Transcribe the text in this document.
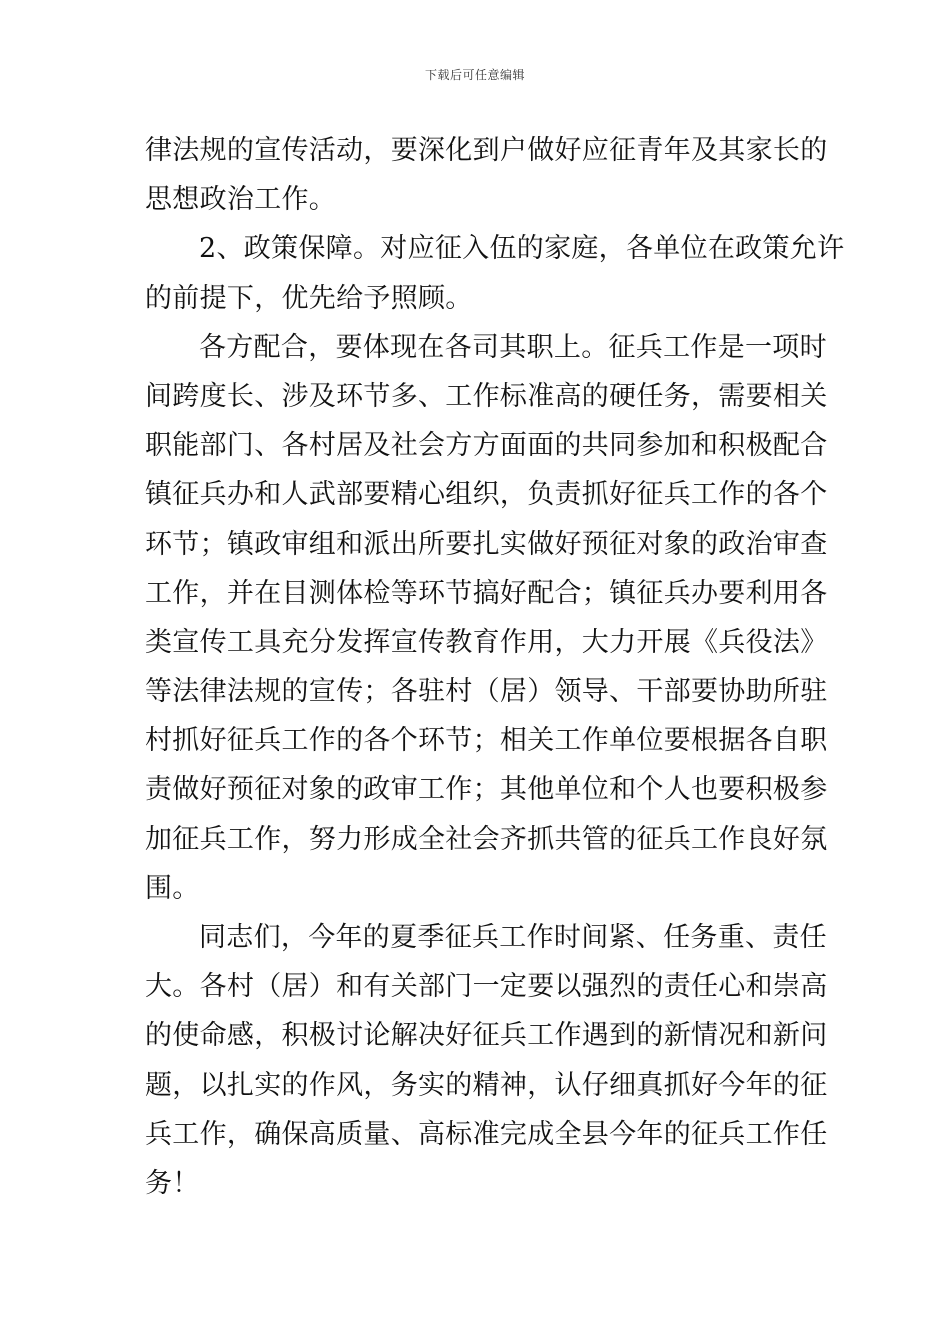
下载后可任意编辑
律法规的宣传活动，要深化到户做好应征青年及其家长的
思想政治工作。
2、政策保障。对应征入伍的家庭，各单位在政策允许
的前提下，优先给予照顾。
各方配合，要体现在各司其职上。征兵工作是一项时
间跨度长、涉及环节多、工作标准高的硬任务，需要相关
职能部门、各村居及社会方方面面的共同参加和积极配合
镇征兵办和人武部要精心组织，负责抓好征兵工作的各个
环节；镇政审组和派出所要扎实做好预征对象的政治审查
工作，并在目测体检等环节搞好配合；镇征兵办要利用各
类宣传工具充分发挥宣传教育作用，大力开展《兵役法》
等法律法规的宣传；各驻村（居）领导、干部要协助所驻
村抓好征兵工作的各个环节；相关工作单位要根据各自职
责做好预征对象的政审工作；其他单位和个人也要积极参
加征兵工作，努力形成全社会齐抓共管的征兵工作良好氛
围。
同志们，今年的夏季征兵工作时间紧、任务重、责任
大。各村（居）和有关部门一定要以强烈的责任心和崇高
的使命感，积极讨论解决好征兵工作遇到的新情况和新问
题，以扎实的作风，务实的精神，认仔细真抓好今年的征
兵工作，确保高质量、高标准完成全县今年的征兵工作任
务！
